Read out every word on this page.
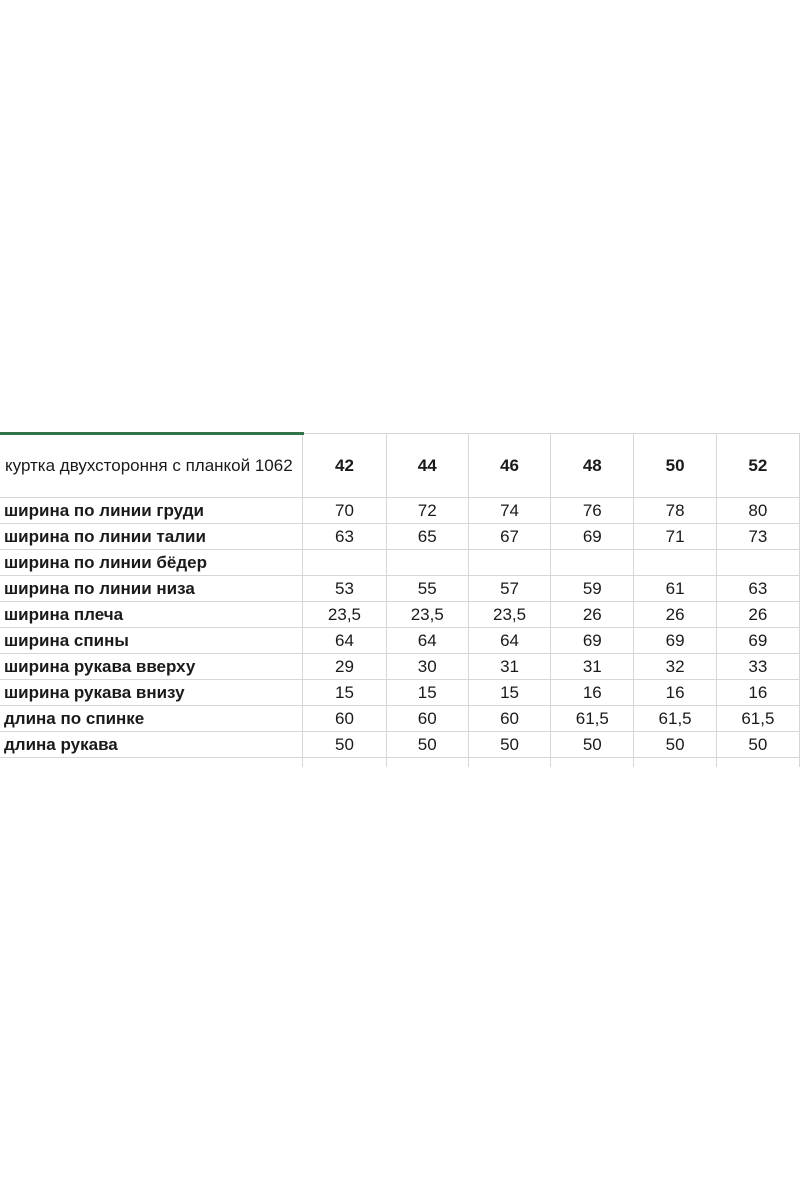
куртка двухстороння с планкой 1062	42	44	46	48	50	52
ширина по линии груди	70	72	74	76	78	80
ширина по линии талии	63	65	67	69	71	73
ширина по линии бёдер						
ширина по линии низа	53	55	57	59	61	63
ширина плеча	23,5	23,5	23,5	26	26	26
ширина спины	64	64	64	69	69	69
ширина рукава вверху	29	30	31	31	32	33
ширина рукава внизу	15	15	15	16	16	16
длина по спинке	60	60	60	61,5	61,5	61,5
длина рукава	50	50	50	50	50	50
